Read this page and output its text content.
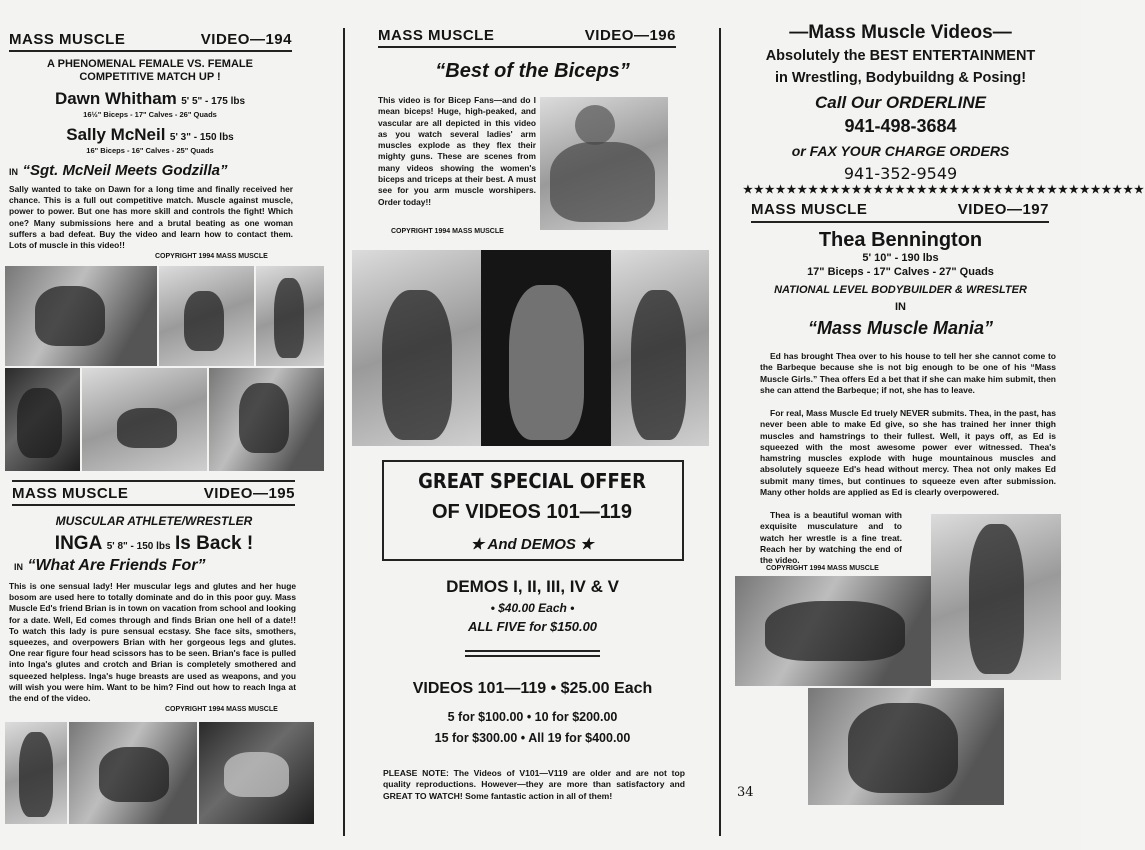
MASS MUSCLE	VIDEO—194
A PHENOMENAL FEMALE VS. FEMALE
COMPETITIVE MATCH UP !
Dawn Whitham 5' 5" - 175 lbs
16½" Biceps - 17" Calves - 26" Quads
Sally McNeil 5' 3" - 150 lbs
16" Biceps - 16" Calves - 25" Quads
IN “Sgt. McNeil Meets Godzilla”
Sally wanted to take on Dawn for a long time and finally received her chance. This is a full out competitive match. Muscle against muscle, power to power. But one has more skill and controls the fight! Which one? Many submissions here and a brutal beating as one woman suffers a bad defeat. Buy the video and learn how to contact them. Lots of muscle in this video!!
COPYRIGHT 1994 MASS MUSCLE
MASS MUSCLE	VIDEO—195
MUSCULAR ATHLETE/WRESTLER
INGA 5' 8" - 150 lbs Is Back !
IN “What Are Friends For”
This is one sensual lady! Her muscular legs and glutes and her huge bosom are used here to totally dominate and do in this poor guy. Mass Muscle Ed's friend Brian is in town on vacation from school and looking for a date. Well, Ed comes through and finds Brian one hell of a date!! To watch this lady is pure sensual ecstasy. She face sits, smothers, squeezes, and overpowers Brian with her gorgeous legs and glutes. One rear figure four head scissors has to be seen. Brian's face is pulled into Inga's glutes and crotch and Brian is completely smothered and squeezed helpless. Inga's huge breasts are used as weapons, and you will wish you were him. Want to be him? Find out how to reach Inga at the end of the video.
COPYRIGHT 1994 MASS MUSCLE
MASS MUSCLE	VIDEO—196
“Best of the Biceps”
This video is for Bicep Fans—and do I mean biceps! Huge, high-peaked, and vascular are all depicted in this video as you watch several ladies' arm muscles explode as they flex their mighty guns. These are scenes from many videos showing the women's biceps and triceps at their best. A must see for you arm muscle worshipers. Order today!!
COPYRIGHT 1994 MASS MUSCLE
GREAT SPECIAL OFFER
OF VIDEOS 101—119
★ And DEMOS ★
DEMOS I, II, III, IV & V
• $40.00 Each •
ALL FIVE for $150.00
VIDEOS 101—119 • $25.00 Each
5 for $100.00 • 10 for $200.00
15 for $300.00 • All 19 for $400.00
PLEASE NOTE: The Videos of V101—V119 are older and are not top quality reproductions. However—they are more than satisfactory and GREAT TO WATCH! Some fantastic action in all of them!
—Mass Muscle Videos—
Absolutely the BEST ENTERTAINMENT
in Wrestling, Bodybuildng & Posing!
Call Our ORDERLINE
941-498-3684
or FAX YOUR CHARGE ORDERS
941-352-9549
★★★★★★★★★★★★★★★★★★★★★★★★★★★★★★★★★★★★★
MASS MUSCLE	VIDEO—197
Thea Bennington
5' 10" - 190 lbs
17" Biceps - 17" Calves - 27" Quads
NATIONAL LEVEL BODYBUILDER & WRESLTER
IN
“Mass Muscle Mania”
Ed has brought Thea over to his house to tell her she cannot come to the Barbeque because she is not big enough to be one of his “Mass Muscle Girls.” Thea offers Ed a bet that if she can make him submit, then she can attend the Barbeque; if not, she has to leave.
For real, Mass Muscle Ed truely NEVER submits. Thea, in the past, has never been able to make Ed give, so she has trained her inner thigh muscles and hamstrings to their fullest. Well, it pays off, as Ed is squeezed with the most awesome power ever witnessed. Thea's hamstring muscles explode with huge mountainous muscles and absolutely squeeze Ed's head without mercy. Thea not only makes Ed submit many times, but continues to squeeze even after submission. Many other holds are applied as Ed is clearly overpowered.
Thea is a beautiful woman with exquisite musculature and to watch her wrestle is a fine treat. Reach her by watching the end of the video.
COPYRIGHT 1994 MASS MUSCLE
34
